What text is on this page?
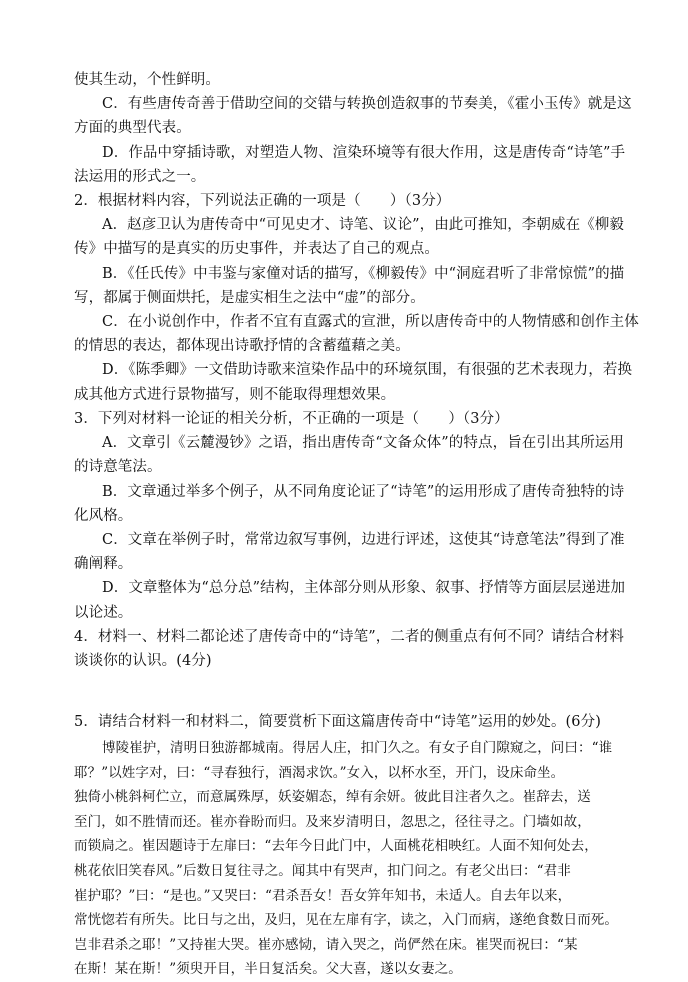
使其生动，个性鲜明。

C．有些唐传奇善于借助空间的交错与转换创造叙事的节奏美，《霍小玉传》就是这

方面的典型代表。

D．作品中穿插诗歌，对塑造人物、渲染环境等有很大作用，这是唐传奇“诗笔”手

法运用的形式之一。

2．根据材料内容，下列说法正确的一项是（　　）（3分）

A．赵彦卫认为唐传奇中“可见史才、诗笔、议论”，由此可推知，李朝威在《柳毅

传》中描写的是真实的历史事件，并表达了自己的观点。

B．《任氏传》中韦鉴与家僮对话的描写，《柳毅传》中“洞庭君听了非常惊慌”的描

写，都属于侧面烘托，是虚实相生之法中“虚”的部分。

C．在小说创作中，作者不宜有直露式的宣泄，所以唐传奇中的人物情感和创作主体

的情思的表达，都体现出诗歌抒情的含蓄蕴藉之美。

D．《陈季卿》一文借助诗歌来渲染作品中的环境氛围，有很强的艺术表现力，若换

成其他方式进行景物描写，则不能取得理想效果。

3．下列对材料一论证的相关分析，不正确的一项是（　　）（3分）

A．文章引《云麓漫钞》之语，指出唐传奇“文备众体”的特点，旨在引出其所运用

的诗意笔法。

B．文章通过举多个例子，从不同角度论证了“诗笔”的运用形成了唐传奇独特的诗

化风格。

C．文章在举例子时，常常边叙写事例，边进行评述，这使其“诗意笔法”得到了准

确阐释。

D．文章整体为“总分总”结构，主体部分则从形象、叙事、抒情等方面层层递进加

以论述。

4．材料一、材料二都论述了唐传奇中的“诗笔”，二者的侧重点有何不同？请结合材料

谈谈你的认识。(4分)

5．请结合材料一和材料二，简要赏析下面这篇唐传奇中“诗笔”运用的妙处。(6分)

博陵崔护，清明日独游都城南。得居人庄，扣门久之。有女子自门隙窥之，问曰：“谁

耶？”以姓字对，曰：“寻春独行，酒渴求饮。”女入，以杯水至，开门，设床命坐。

独倚小桃斜柯伫立，而意属殊厚，妖姿媚态，绰有余妍。彼此目注者久之。崔辞去，送

至门，如不胜情而还。崔亦眷盼而归。及来岁清明日，忽思之，径往寻之。门墙如故，

而锁扃之。崔因题诗于左扉曰：“去年今日此门中，人面桃花相映红。人面不知何处去，

桃花依旧笑春风。”后数日复往寻之。闻其中有哭声，扣门问之。有老父出曰：“君非

崔护耶？”曰：“是也。”又哭曰：“君杀吾女！吾女笄年知书，未适人。自去年以来，

常恍惚若有所失。比日与之出，及归，见在左扉有字，读之，入门而病，遂绝食数日而死。

岂非君杀之耶！”又持崔大哭。崔亦感恸，请入哭之，尚俨然在床。崔哭而祝曰：“某

在斯！某在斯！”须臾开目，半日复活矣。父大喜，遂以女妻之。
